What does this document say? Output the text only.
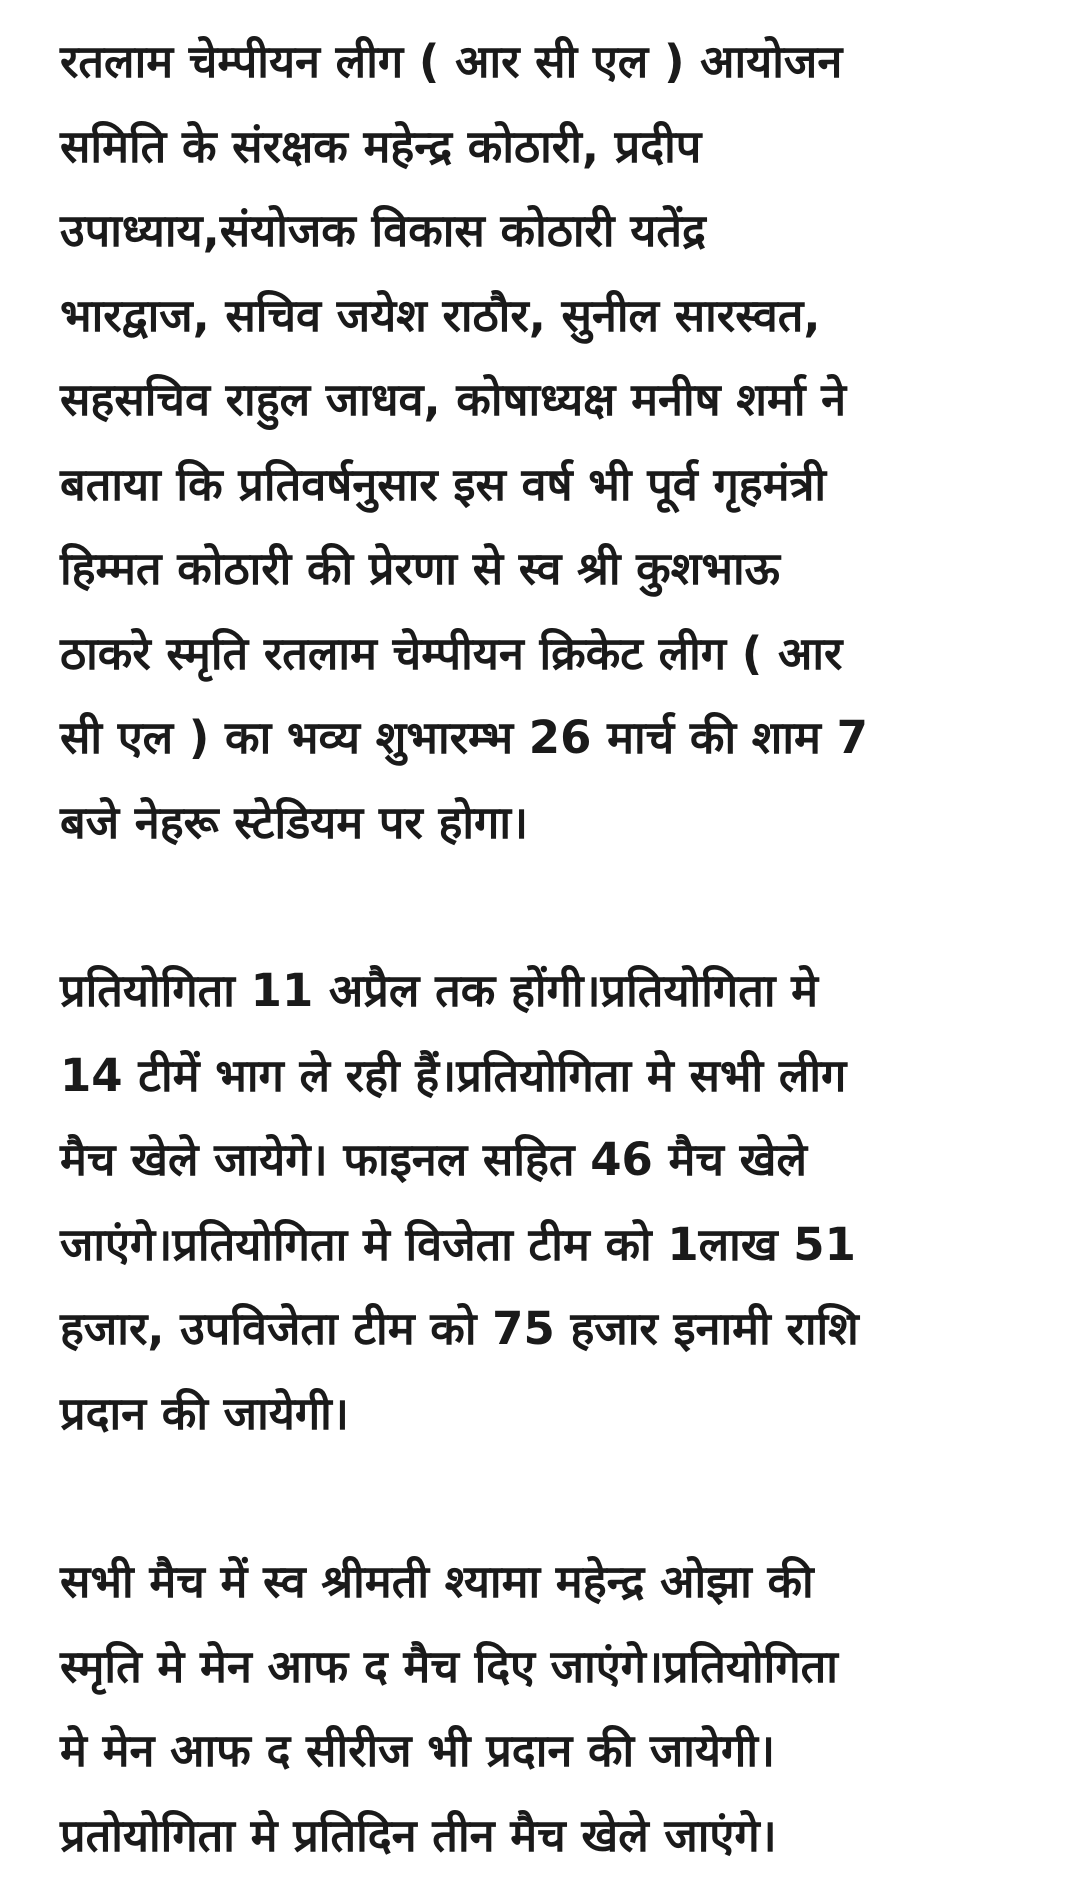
रतलाम चेम्पीयन लीग ( आर सी एल ) आयोजन
समिति के संरक्षक महेन्द्र कोठारी, प्रदीप
उपाध्याय,संयोजक विकास कोठारी यतेंद्र
भारद्वाज, सचिव जयेश राठौर, सुनील सारस्वत,
सहसचिव राहुल जाधव, कोषाध्यक्ष मनीष शर्मा ने
बताया कि प्रतिवर्षनुसार इस वर्ष भी पूर्व गृहमंत्री
हिम्मत कोठारी की प्रेरणा से स्व श्री कुशभाऊ
ठाकरे स्मृति रतलाम चेम्पीयन क्रिकेट लीग ( आर
सी एल ) का भव्य शुभारम्भ 26 मार्च की शाम 7
बजे नेहरू स्टेडियम पर होगा।
प्रतियोगिता 11 अप्रैल तक होंगी।प्रतियोगिता मे
14 टीमें भाग ले रही हैं।प्रतियोगिता मे सभी लीग
मैच खेले जायेगे। फाइनल सहित 46 मैच खेले
जाएंगे।प्रतियोगिता मे विजेता टीम को 1लाख 51
हजार, उपविजेता टीम को 75 हजार इनामी राशि
प्रदान की जायेगी।
सभी मैच में स्व श्रीमती श्यामा महेन्द्र ओझा की
स्मृति मे मेन आफ द मैच दिए जाएंगे।प्रतियोगिता
मे मेन आफ द सीरीज भी प्रदान की जायेगी।
प्रतोयोगिता मे प्रतिदिन तीन मैच खेले जाएंगे।
